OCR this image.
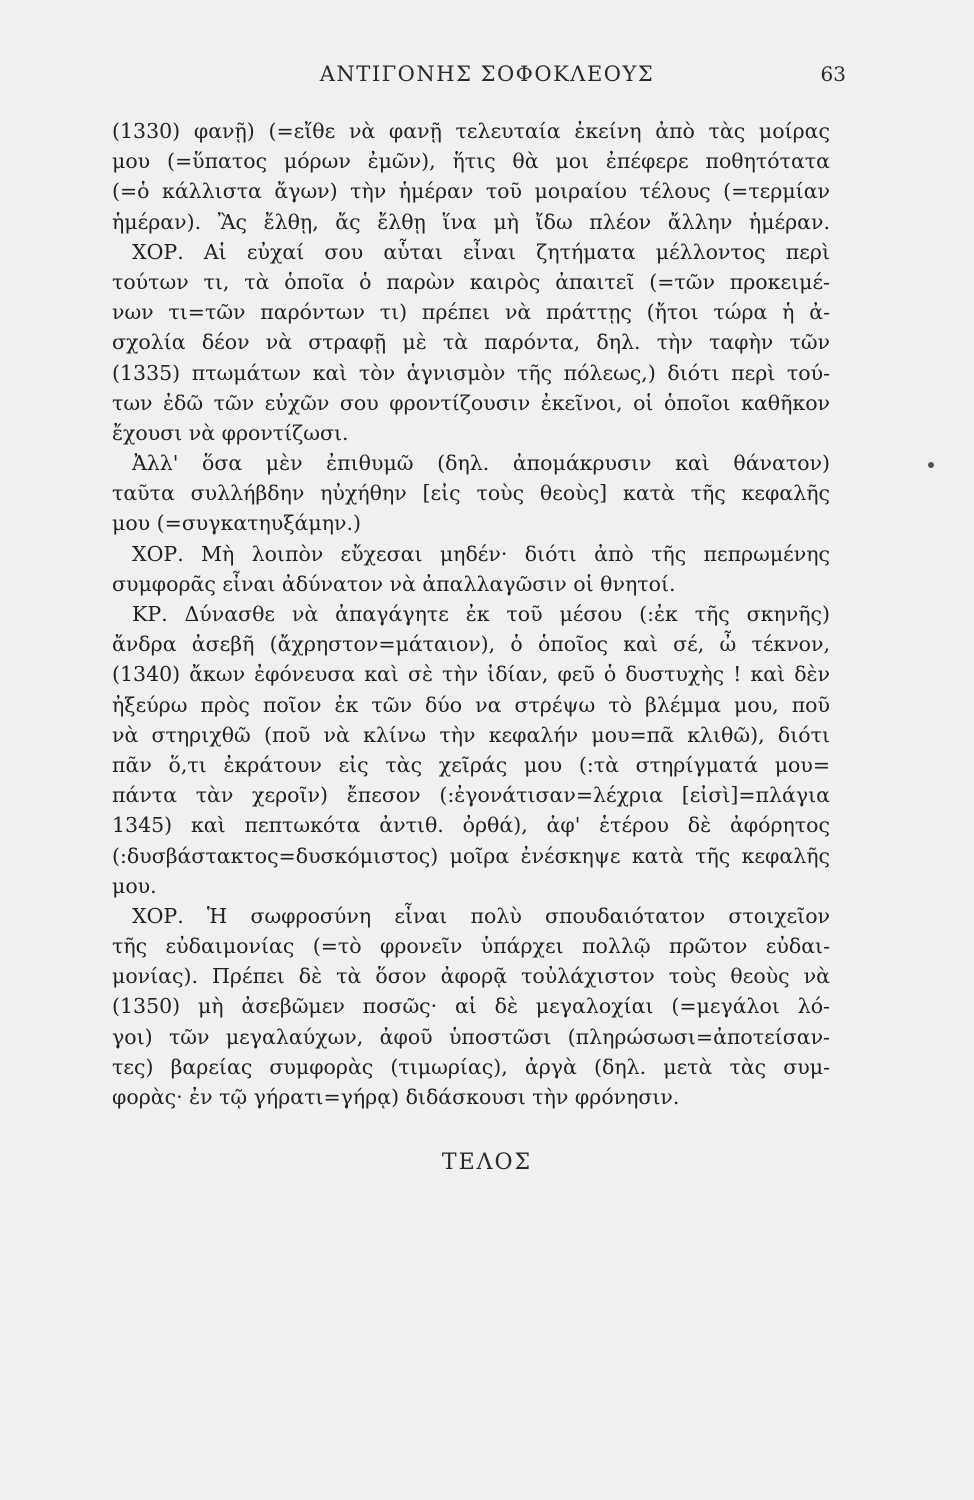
ΑΝΤΙΓΟΝΗΣ ΣΟΦΟΚΛΕΟΥΣ	63
(1330) φανῇ) (=εἴθε νὰ φανῇ τελευταία ἐκείνη ἀπὸ τὰς μοίρας
μου (=ὕπατος μόρων ἐμῶν), ἥτις θὰ μοι ἐπέφερε ποθητότατα
(=ὁ κάλλιστα ἄγων) τὴν ἡμέραν τοῦ μοιραίου τέλους (=τερμίαν
ἡμέραν). Ἂς ἔλθῃ, ἄς ἔλθῃ ἵνα μὴ ἴδω πλέον ἄλλην ἡμέραν.
ΧΟΡ. Αἱ εὐχαί σου αὗται εἶναι ζητήματα μέλλοντος περὶ
τούτων τι, τὰ ὁποῖα ὁ παρὼν καιρὸς ἀπαιτεῖ (=τῶν προκειμέ-
νων τι=τῶν παρόντων τι) πρέπει νὰ πράττῃς (ἤτοι τώρα ἡ ἀ-
σχολία δέον νὰ στραφῇ μὲ τὰ παρόντα, δηλ. τὴν ταφὴν τῶν
(1335) πτωμάτων καὶ τὸν ἁγνισμὸν τῆς πόλεως,) διότι περὶ τού-
των ἐδῶ τῶν εὐχῶν σου φροντίζουσιν ἐκεῖνοι, οἱ ὁποῖοι καθῆκον
ἔχουσι νὰ φροντίζωσι.
Ἀλλ' ὅσα μὲν ἐπιθυμῶ (δηλ. ἀπομάκρυσιν καὶ θάνατον)
ταῦτα συλλήβδην ηὐχήθην [εἰς τοὺς θεοὺς] κατὰ τῆς κεφαλῆς
μου (=συγκατηυξάμην.)
ΧΟΡ. Μὴ λοιπὸν εὔχεσαι μηδέν· διότι ἀπὸ τῆς πεπρωμένης
συμφορᾶς εἶναι ἀδύνατον νὰ ἀπαλλαγῶσιν οἱ θνητοί.
ΚΡ. Δύνασθε νὰ ἀπαγάγητε ἐκ τοῦ μέσου (:ἐκ τῆς σκηνῆς)
ἄνδρα ἀσεβῆ (ἄχρηστον=μάταιον), ὁ ὁποῖος καὶ σέ, ὦ τέκνον,
(1340) ἄκων ἐφόνευσα καὶ σὲ τὴν ἰδίαν, φεῦ ὁ δυστυχὴς ! καὶ δὲν
ἠξεύρω πρὸς ποῖον ἐκ τῶν δύο να στρέψω τὸ βλέμμα μου, ποῦ
νὰ στηριχθῶ (ποῦ νὰ κλίνω τὴν κεφαλήν μου=πᾶ κλιθῶ), διότι
πᾶν ὅ,τι ἐκράτουν εἰς τὰς χεῖράς μου (:τὰ στηρίγματά μου=
πάντα τὰν χεροῖν) ἔπεσον (:ἐγονάτισαν=λέχρια [εἰσὶ]=πλάγια
1345) καὶ πεπτωκότα ἀντιθ. ὀρθά), ἀφ' ἑτέρου δὲ ἀφόρητος
(:δυσβάστακτος=δυσκόμιστος) μοῖρα ἐνέσκηψε κατὰ τῆς κεφαλῆς
μου.
ΧΟΡ. Ἡ σωφροσύνη εἶναι πολὺ σπουδαιότατον στοιχεῖον
τῆς εὐδαιμονίας (=τὸ φρονεῖν ὑπάρχει πολλῷ πρῶτον εὐδαι-
μονίας). Πρέπει δὲ τὰ ὅσον ἀφορᾷ τοὐλάχιστον τοὺς θεοὺς νὰ
(1350) μὴ ἀσεβῶμεν ποσῶς· αἱ δὲ μεγαλοχίαι (=μεγάλοι λό-
γοι) τῶν μεγαλαύχων, ἀφοῦ ὑποστῶσι (πληρώσωσι=ἀποτείσαν-
τες) βαρείας συμφορὰς (τιμωρίας), ἀργὰ (δηλ. μετὰ τὰς συμ-
φορὰς· ἐν τῷ γήρατι=γήρᾳ) διδάσκουσι τὴν φρόνησιν.
ΤΕΛΟΣ
